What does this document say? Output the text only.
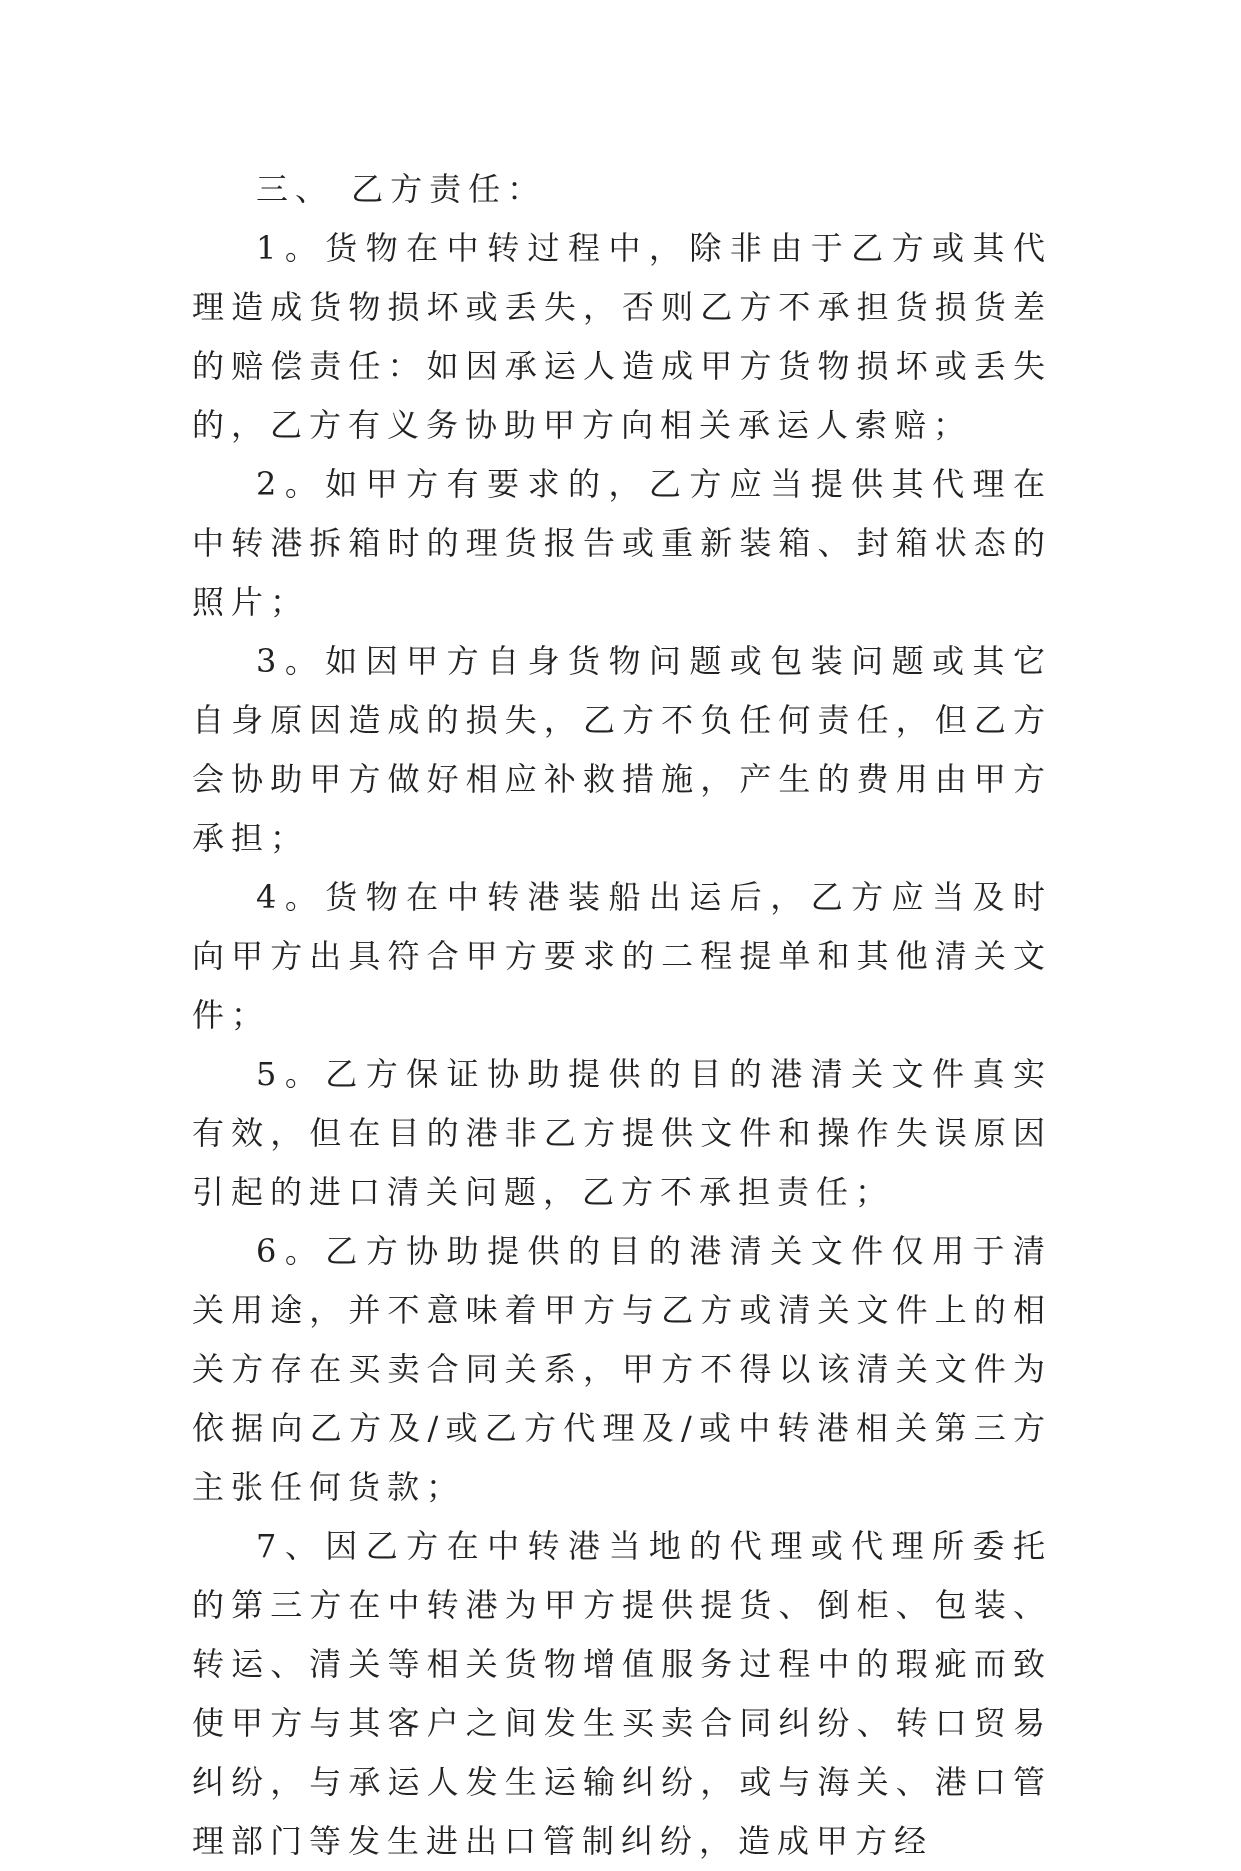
三、 乙方责任：

1。货物在中转过程中，除非由于乙方或其代理造成货物损坏或丢失，否则乙方不承担货损货差的赔偿责任：如因承运人造成甲方货物损坏或丢失的，乙方有义务协助甲方向相关承运人索赔；

2。如甲方有要求的，乙方应当提供其代理在中转港拆箱时的理货报告或重新装箱、封箱状态的照片；

3。如因甲方自身货物问题或包装问题或其它自身原因造成的损失，乙方不负任何责任，但乙方会协助甲方做好相应补救措施，产生的费用由甲方承担；

4。货物在中转港装船出运后，乙方应当及时向甲方出具符合甲方要求的二程提单和其他清关文件；

5。乙方保证协助提供的目的港清关文件真实有效，但在目的港非乙方提供文件和操作失误原因引起的进口清关问题，乙方不承担责任；

6。乙方协助提供的目的港清关文件仅用于清关用途，并不意味着甲方与乙方或清关文件上的相关方存在买卖合同关系，甲方不得以该清关文件为依据向乙方及/或乙方代理及/或中转港相关第三方主张任何货款；

7、因乙方在中转港当地的代理或代理所委托的第三方在中转港为甲方提供提货、倒柜、包装、转运、清关等相关货物增值服务过程中的瑕疵而致使甲方与其客户之间发生买卖合同纠纷、转口贸易纠纷，与承运人发生运输纠纷，或与海关、港口管理部门等发生进出口管制纠纷，造成甲方经
